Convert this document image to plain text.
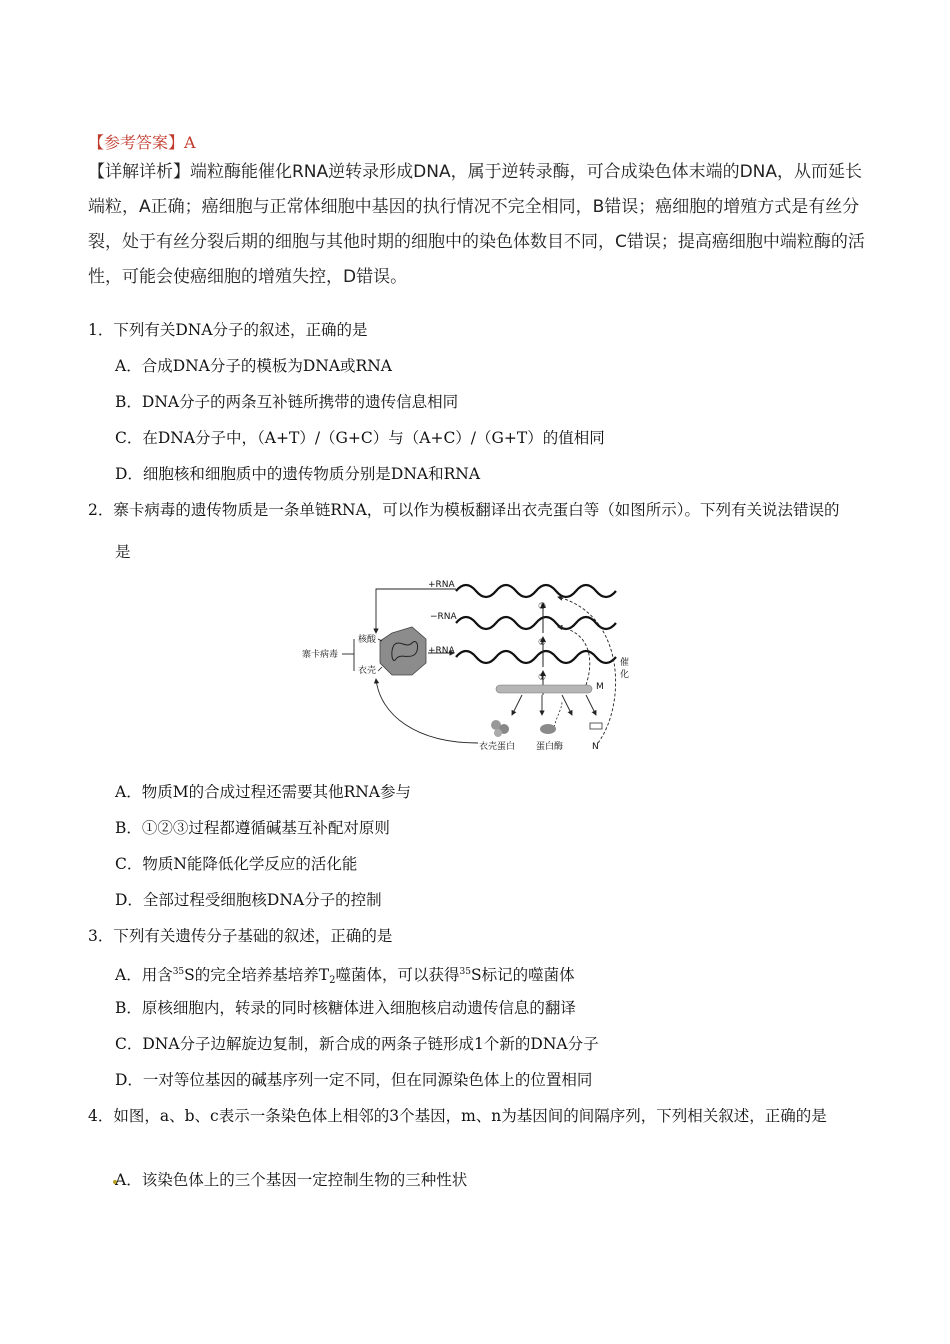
【参考答案】A
【详解详析】端粒酶能催化RNA逆转录形成DNA，属于逆转录酶，可合成染色体末端的DNA，从而延长端粒，A正确；癌细胞与正常体细胞中基因的执行情况不完全相同，B错误；癌细胞的增殖方式是有丝分裂，处于有丝分裂后期的细胞与其他时期的细胞中的染色体数目不同，C错误；提高癌细胞中端粒酶的活性，可能会使癌细胞的增殖失控，D错误。
1．下列有关DNA分子的叙述，正确的是
A．合成DNA分子的模板为DNA或RNA
B．DNA分子的两条互补链所携带的遗传信息相同
C．在DNA分子中，（A+T）/（G+C）与（A+C）/（G+T）的值相同
D．细胞核和细胞质中的遗传物质分别是DNA和RNA
2．寨卡病毒的遗传物质是一条单链RNA，可以作为模板翻译出衣壳蛋白等（如图所示）。下列有关说法错误的
是
+RNA
−RNA
+RNA
③
②
①
M
催
化
衣壳蛋白 蛋白酶	N
寨卡病毒
核酸
衣壳
A．物质M的合成过程还需要其他RNA参与
B．①②③过程都遵循碱基互补配对原则
C．物质N能降低化学反应的活化能
D．全部过程受细胞核DNA分子的控制
3．下列有关遗传分子基础的叙述，正确的是
A．用含$^{35}$S的完全培养基培养$T_2$噬菌体，可以获得$^{35}$S标记的噬菌体
B．原核细胞内，转录的同时核糖体进入细胞核启动遗传信息的翻译
C．DNA分子边解旋边复制，新合成的两条子链形成1个新的DNA分子
D．一对等位基因的碱基序列一定不同，但在同源染色体上的位置相同
4．如图，a、b、c表示一条染色体上相邻的3个基因，m、n为基因间的间隔序列，下列相关叙述，正确的是
A．该染色体上的三个基因一定控制生物的三种性状
